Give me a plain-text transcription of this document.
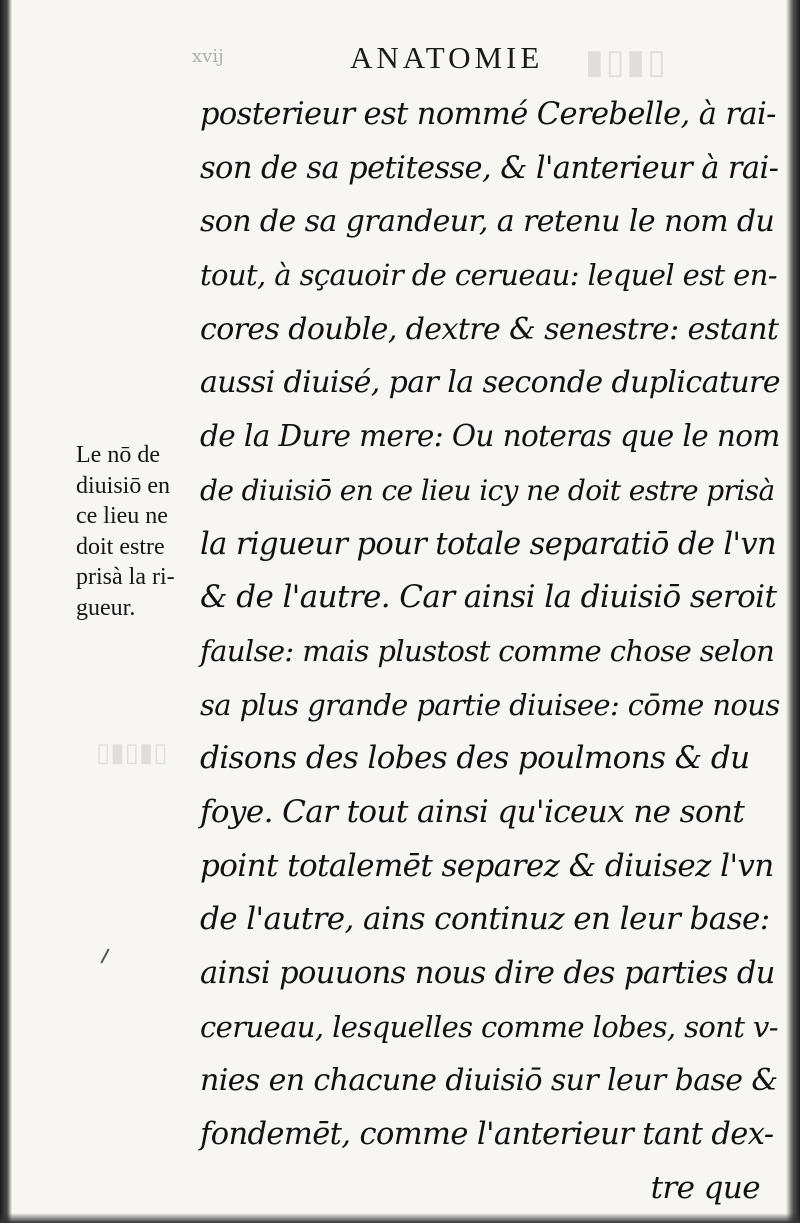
▮▯▮▯
▯▮▯▮▯
xvij	ANATOMIE
posterieur est nommé Cerebelle, à rai-
son de sa petitesse, & l'anterieur à rai-
son de sa grandeur, a retenu le nom du
tout, à sçauoir de cerueau: lequel est en-
cores double, dextre & senestre: estant
aussi diuisé, par la seconde duplicature
de la Dure mere: Ou noteras que le nom
de diuisiō en ce lieu icy ne doit estre prisà
la rigueur pour totale separatiō de l'vn
& de l'autre. Car ainsi la diuisiō seroit
faulse: mais plustost comme chose selon
sa plus grande partie diuisee: cōme nous
disons des lobes des poulmons & du
foye. Car tout ainsi qu'iceux ne sont
point totalemēt separez & diuisez l'vn
de l'autre, ains continuz en leur base:
ainsi pouuons nous dire des parties du
cerueau, lesquelles comme lobes, sont v-
nies en chacune diuisiō sur leur base &
fondemēt, comme l'anterieur tant dex-
tre que
Le nō de
diuisiō en
ce lieu ne
doit estre
prisà la ri-
gueur.
